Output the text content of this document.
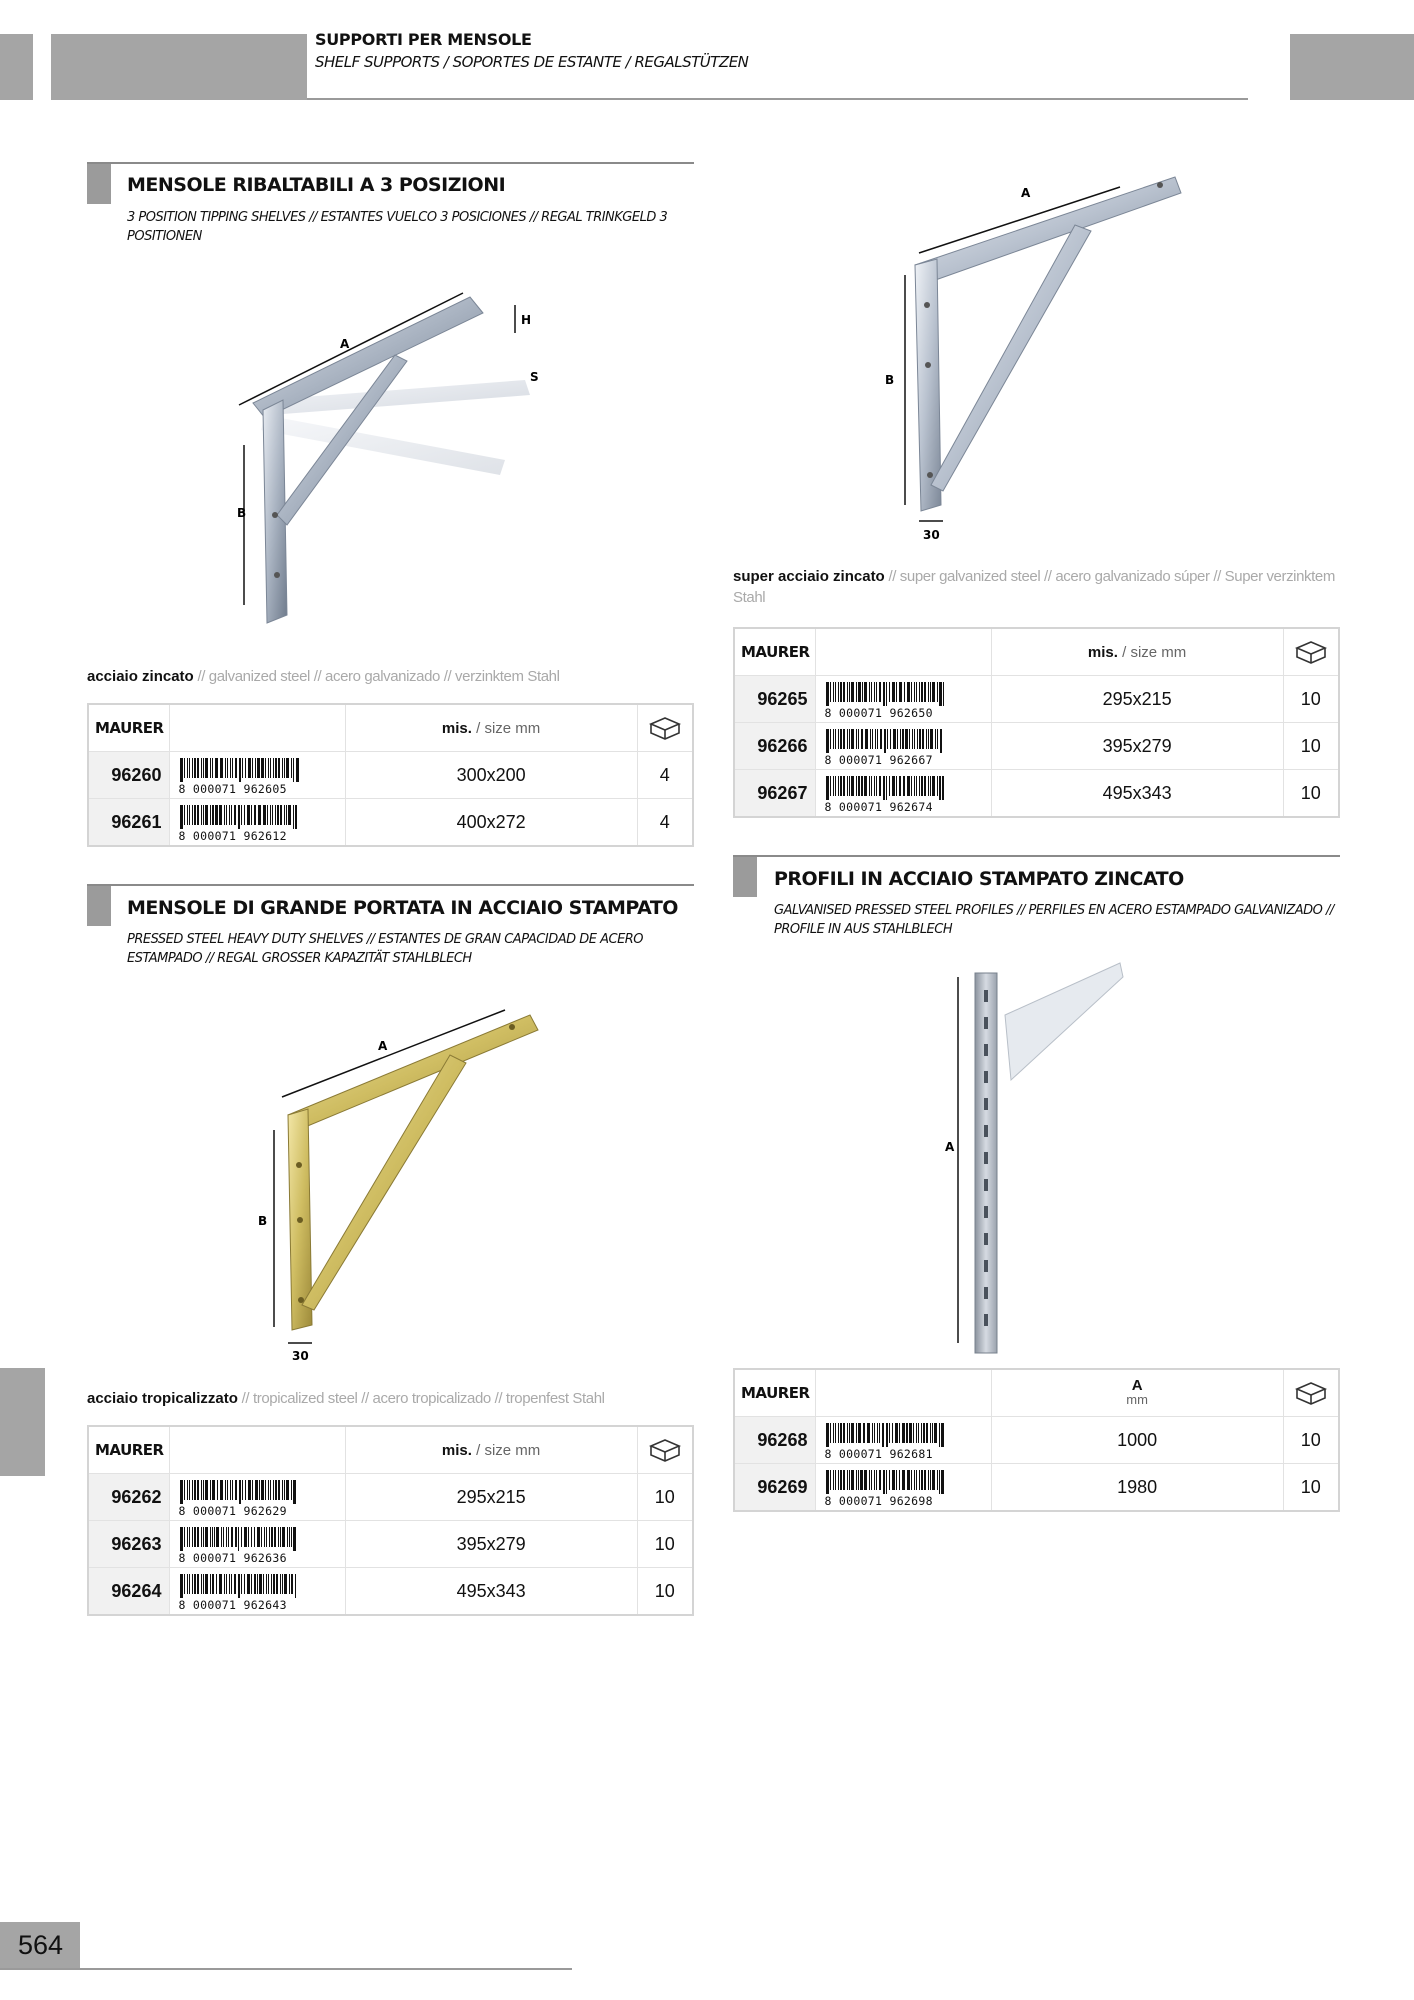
SUPPORTI PER MENSOLE
SHELF SUPPORTS / SOPORTES DE ESTANTE / REGALSTÜTZEN
MENSOLE RIBALTABILI A 3 POSIZIONI
3 POSITION TIPPING SHELVES // ESTANTES VUELCO 3 POSICIONES // REGAL TRINKGELD 3 POSITIONEN
A
H
S
B
acciaio zincato // galvanized steel // acero galvanizado // verzinktem Stahl
MAURER		mis. / size mm	

96260	8 000071 962605	300x200	4
96261	8 000071 962612	400x272	4
MENSOLE DI GRANDE PORTATA IN ACCIAIO STAMPATO
PRESSED STEEL HEAVY DUTY SHELVES // ESTANTES DE GRAN CAPACIDAD DE ACERO ESTAMPADO // REGAL GROSSER KAPAZITÄT STAHLBLECH
A
B
30
acciaio tropicalizzato // tropicalized steel // acero tropicalizado // tropenfest Stahl
MAURER		mis. / size mm	

96262	8 000071 962629	295x215	10
96263	8 000071 962636	395x279	10
96264	8 000071 962643	495x343	10
A
B
30
super acciaio zincato // super galvanized steel // acero galvanizado súper // Super verzinktem Stahl
MAURER		mis. / size mm	

96265	8 000071 962650	295x215	10
96266	8 000071 962667	395x279	10
96267	8 000071 962674	495x343	10
PROFILI IN ACCIAIO STAMPATO ZINCATO
GALVANISED PRESSED STEEL PROFILES // PERFILES EN ACERO ESTAMPADO GALVANIZADO // PROFILE IN AUS STAHLBLECH
A
MAURER		A
mm	

96268	8 000071 962681	1000	10
96269	8 000071 962698	1980	10
564
